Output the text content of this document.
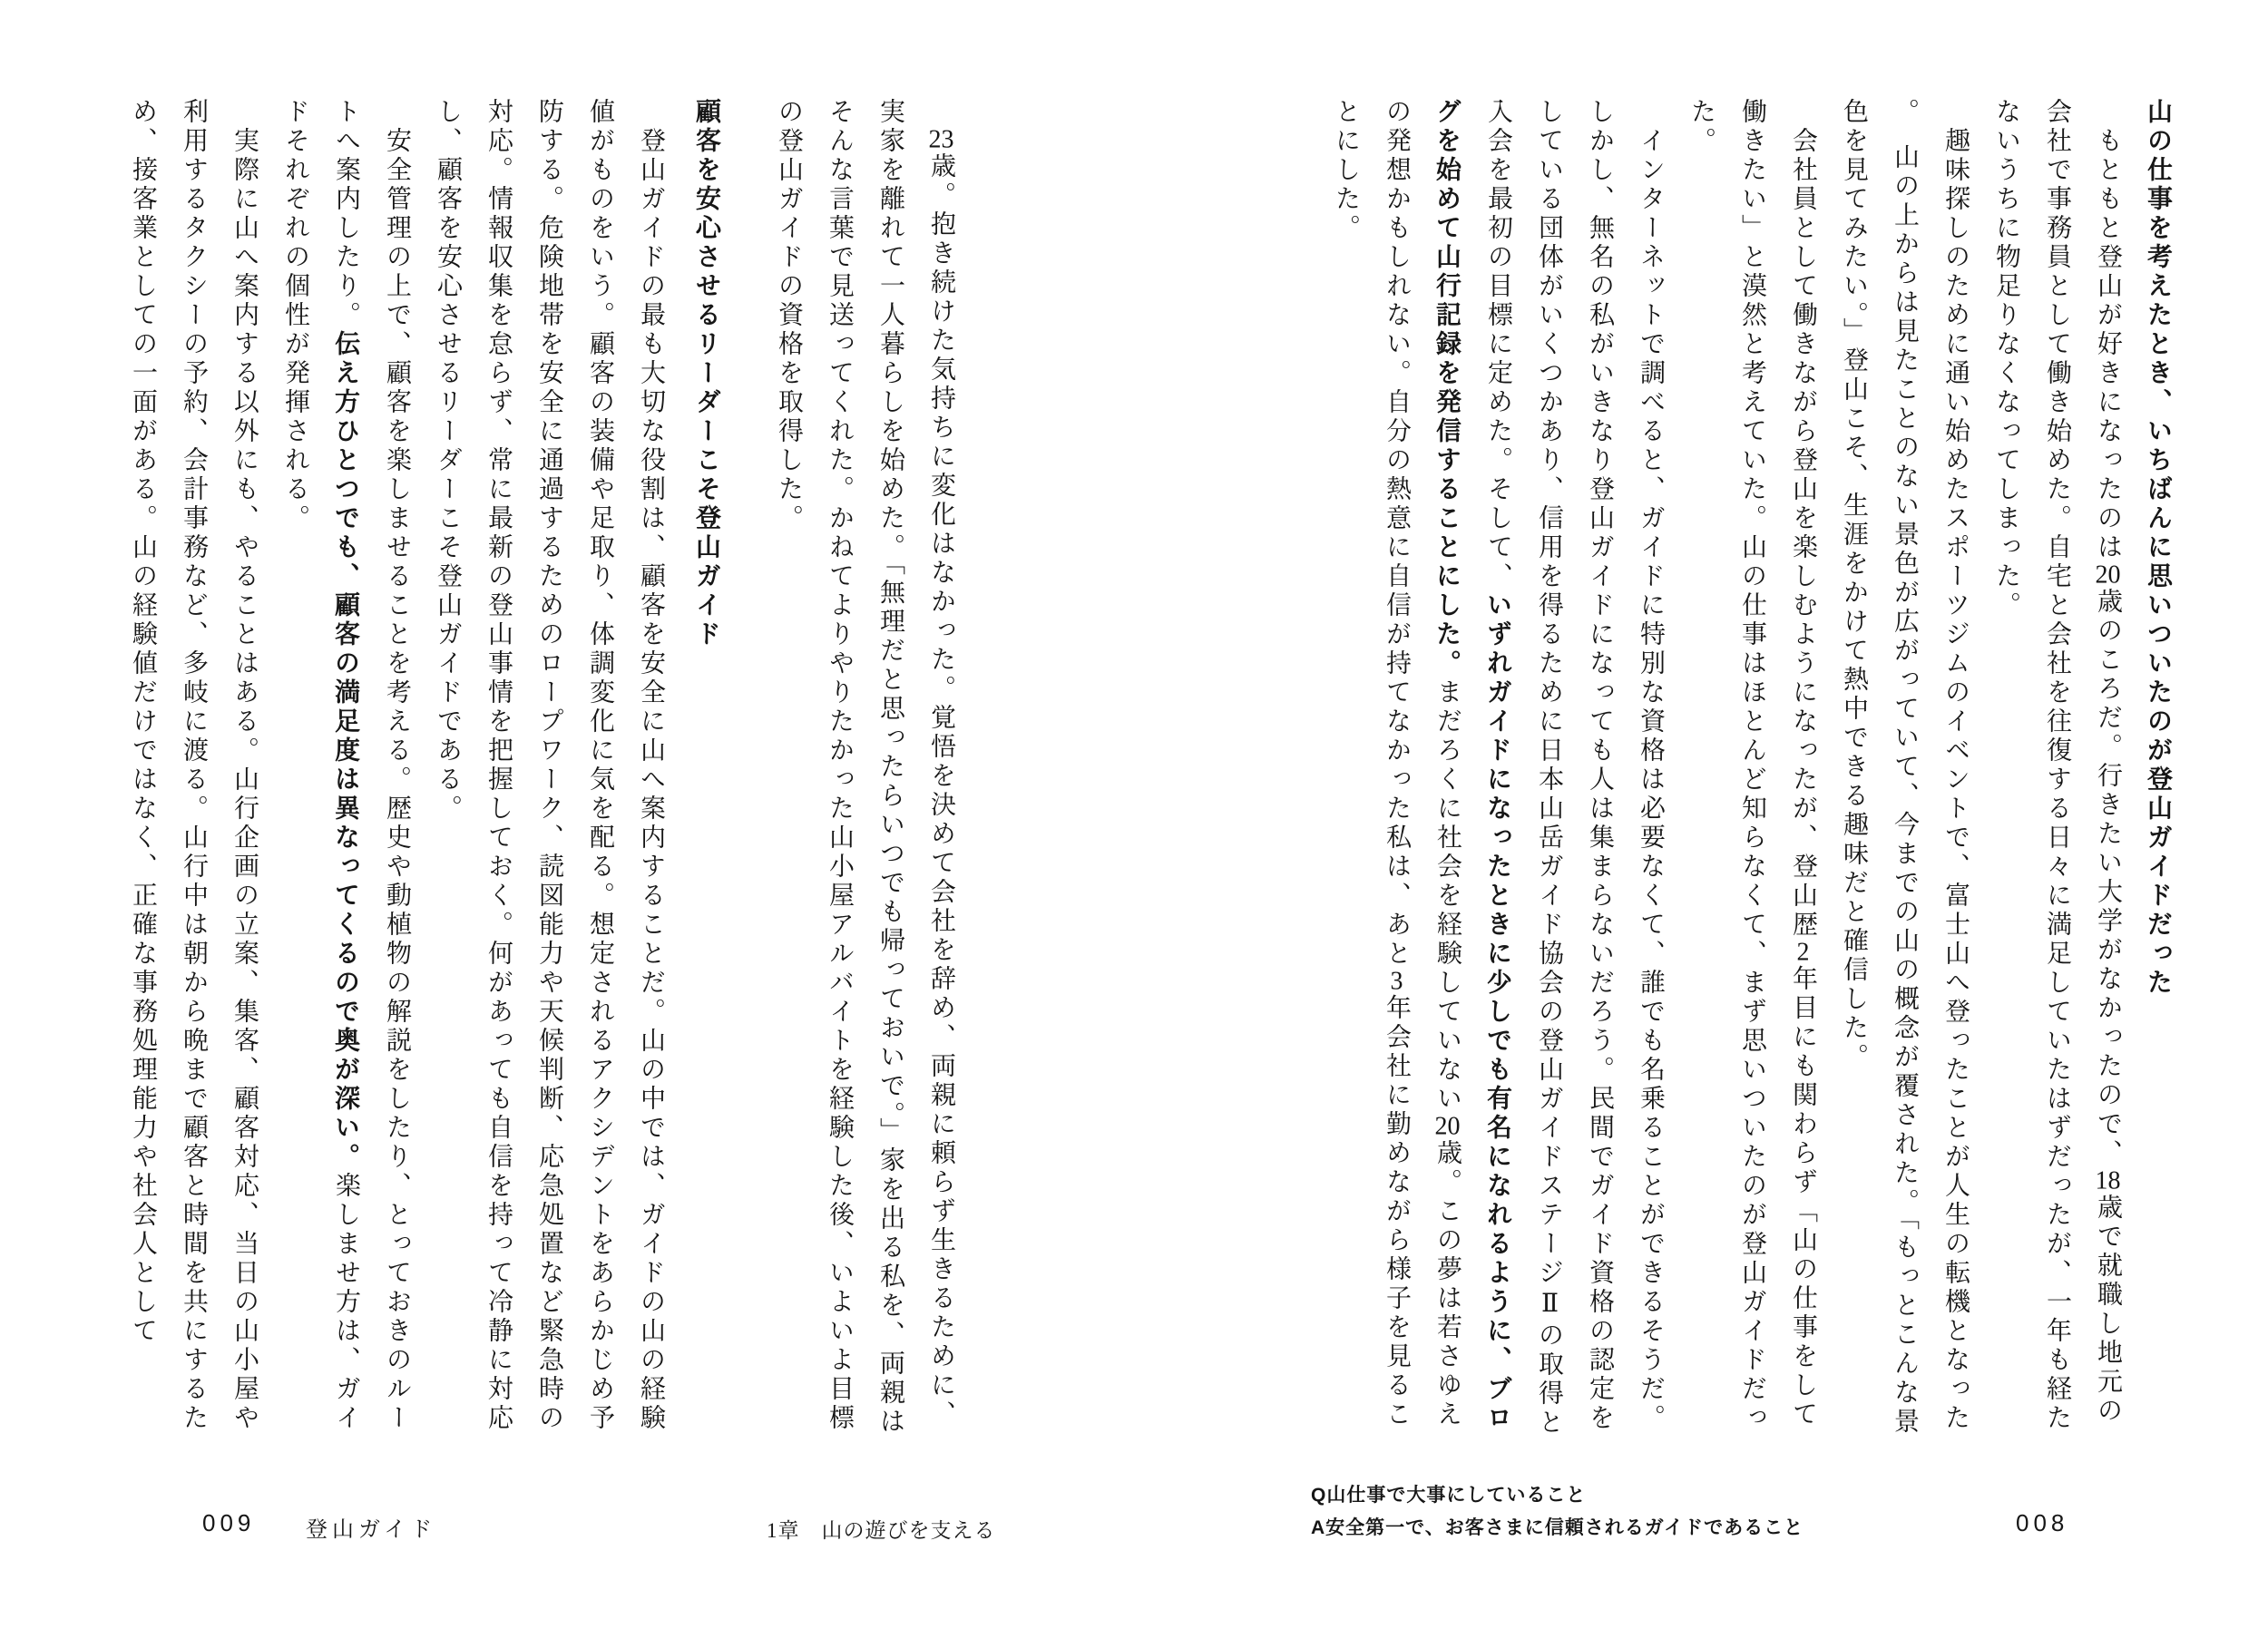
23歳。抱き続けた気持ちに変化はなかった。覚悟を決めて会社を辞め、両親に頼らず生きるために、実家を離れて一人暮らしを始めた。「無理だと思ったらいつでも帰っておいで。」家を出る私を、両親はそんな言葉で見送ってくれた。かねてよりやりたかった山小屋アルバイトを経験した後、いよいよ目標の登山ガイドの資格を取得した。

顧客を安心させるリーダーこそ登山ガイド

登山ガイドの最も大切な役割は、顧客を安全に山へ案内することだ。山の中では、ガイドの山の経験値がものをいう。顧客の装備や足取り、体調変化に気を配る。想定されるアクシデントをあらかじめ予防する。危険地帯を安全に通過するためのロープワーク、読図能力や天候判断、応急処置など緊急時の対応。情報収集を怠らず、常に最新の登山事情を把握しておく。何があっても自信を持って冷静に対応し、顧客を安心させるリーダーこそ登山ガイドである。

安全管理の上で、顧客を楽しませることを考える。歴史や動植物の解説をしたり、とっておきのルートへ案内したり。伝え方ひとつでも、顧客の満足度は異なってくるので奥が深い。楽しませ方は、ガイドそれぞれの個性が発揮される。

実際に山へ案内する以外にも、やることはある。山行企画の立案、集客、顧客対応、当日の山小屋や利用するタクシーの予約、会計事務など、多岐に渡る。山行中は朝から晩まで顧客と時間を共にするため、接客業としての一面がある。山の経験値だけではなく、正確な事務処理能力や社会人として

009 登山ガイド	1章　山の遊びを支える
山の仕事を考えたとき、いちばんに思いついたのが登山ガイドだった

もともと登山が好きになったのは20歳のころだ。行きたい大学がなかったので、18歳で就職し地元の会社で事務員として働き始めた。自宅と会社を往復する日々に満足していたはずだったが、一年も経たないうちに物足りなくなってしまった。

趣味探しのために通い始めたスポーツジムのイベントで、富士山へ登ったことが人生の転機となった。　山の上からは見たことのない景色が広がっていて、今までの山の概念が覆された。「もっとこんな景色を見てみたい。」登山こそ、生涯をかけて熱中できる趣味だと確信した。

会社員として働きながら登山を楽しむようになったが、登山歴2年目にも関わらず「山の仕事をして働きたい」と漠然と考えていた。山の仕事はほとんど知らなくて、まず思いついたのが登山ガイドだった。

インターネットで調べると、ガイドに特別な資格は必要なくて、誰でも名乗ることができるそうだ。しかし、無名の私がいきなり登山ガイドになっても人は集まらないだろう。民間でガイド資格の認定をしている団体がいくつかあり、信用を得るために日本山岳ガイド協会の登山ガイドステージⅡの取得と入会を最初の目標に定めた。そして、いずれガイドになったときに少しでも有名になれるように、ブログを始めて山行記録を発信することにした。まだろくに社会を経験していない20歳。この夢は若さゆえの発想かもしれない。自分の熱意に自信が持てなかった私は、あと3年会社に勤めながら様子を見ることにした。

Q山仕事で大事にしていること
A安全第一で、お客さまに信頼されるガイドであること	008
